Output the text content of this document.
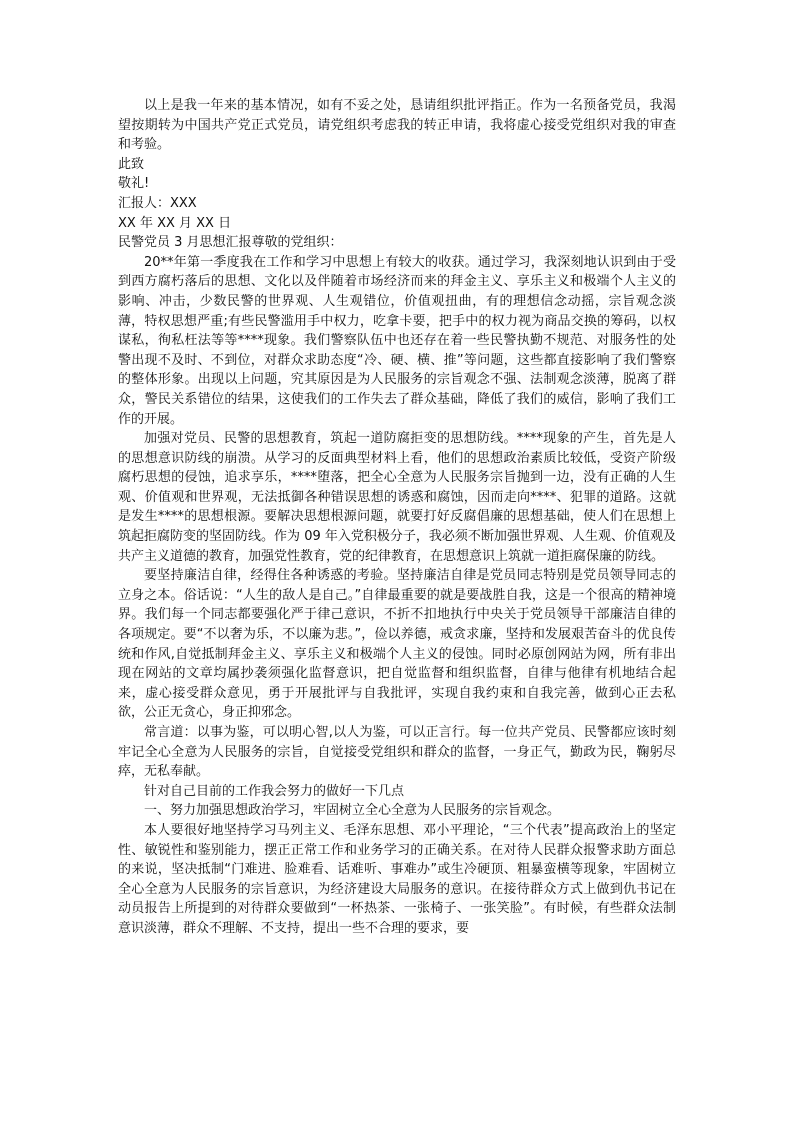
以上是我一年来的基本情况，如有不妥之处，恳请组织批评指正。作为一名预备党员，我渴望按期转为中国共产党正式党员，请党组织考虑我的转正申请，我将虚心接受党组织对我的审查和考验。

此致

敬礼!

汇报人：XXX

XX 年 XX 月 XX 日

民警党员 3 月思想汇报尊敬的党组织：

20**年第一季度我在工作和学习中思想上有较大的收获。通过学习，我深刻地认识到由于受到西方腐朽落后的思想、文化以及伴随着市场经济而来的拜金主义、享乐主义和极端个人主义的影响、冲击，少数民警的世界观、人生观错位，价值观扭曲，有的理想信念动摇，宗旨观念淡薄，特权思想严重;有些民警滥用手中权力，吃拿卡要，把手中的权力视为商品交换的筹码，以权谋私，徇私枉法等等****现象。我们警察队伍中也还存在着一些民警执勤不规范、对服务性的处警出现不及时、不到位，对群众求助态度“冷、硬、横、推”等问题，这些都直接影响了我们警察的整体形象。出现以上问题，究其原因是为人民服务的宗旨观念不强、法制观念淡薄，脱离了群众，警民关系错位的结果，这使我们的工作失去了群众基础，降低了我们的威信，影响了我们工作的开展。

加强对党员、民警的思想教育，筑起一道防腐拒变的思想防线。****现象的产生，首先是人的思想意识防线的崩溃。从学习的反面典型材料上看，他们的思想政治素质比较低，受资产阶级腐朽思想的侵蚀，追求享乐，****堕落，把全心全意为人民服务宗旨抛到一边，没有正确的人生观、价值观和世界观，无法抵御各种错误思想的诱惑和腐蚀，因而走向****、犯罪的道路。这就是发生****的思想根源。要解决思想根源问题，就要打好反腐倡廉的思想基础，使人们在思想上筑起拒腐防变的坚固防线。作为 09 年入党积极分子，我必须不断加强世界观、人生观、价值观及共产主义道德的教育，加强党性教育，党的纪律教育，在思想意识上筑就一道拒腐保廉的防线。

要坚持廉洁自律，经得住各种诱惑的考验。坚持廉洁自律是党员同志特别是党员领导同志的立身之本。俗话说：“人生的敌人是自己。”自律最重要的就是要战胜自我，这是一个很高的精神境界。我们每一个同志都要强化严于律己意识，不折不扣地执行中央关于党员领导干部廉洁自律的各项规定。要“不以奢为乐，不以廉为悲。”，俭以养德，戒贪求廉，坚持和发展艰苦奋斗的优良传统和作风,自觉抵制拜金主义、享乐主义和极端个人主义的侵蚀。同时必原创网站为网，所有非出现在网站的文章均属抄袭须强化监督意识，把自觉监督和组织监督，自律与他律有机地结合起来，虚心接受群众意见，勇于开展批评与自我批评，实现自我约束和自我完善，做到心正去私欲，公正无贪心，身正抑邪念。

常言道：以事为鉴，可以明心智,以人为鉴，可以正言行。每一位共产党员、民警都应该时刻牢记全心全意为人民服务的宗旨，自觉接受党组织和群众的监督，一身正气，勤政为民，鞠躬尽瘁，无私奉献。

针对自己目前的工作我会努力的做好一下几点

一、努力加强思想政治学习，牢固树立全心全意为人民服务的宗旨观念。

本人要很好地坚持学习马列主义、毛泽东思想、邓小平理论，“三个代表”提高政治上的坚定性、敏锐性和鉴别能力，摆正正常工作和业务学习的正确关系。在对待人民群众报警求助方面总的来说，坚决抵制“门难进、脸难看、话难听、事难办”或生冷硬顶、粗暴蛮横等现象，牢固树立全心全意为人民服务的宗旨意识，为经济建设大局服务的意识。在接待群众方式上做到仇书记在动员报告上所提到的对待群众要做到“一杯热茶、一张椅子、一张笑脸”。有时候，有些群众法制意识淡薄，群众不理解、不支持，提出一些不合理的要求，要
